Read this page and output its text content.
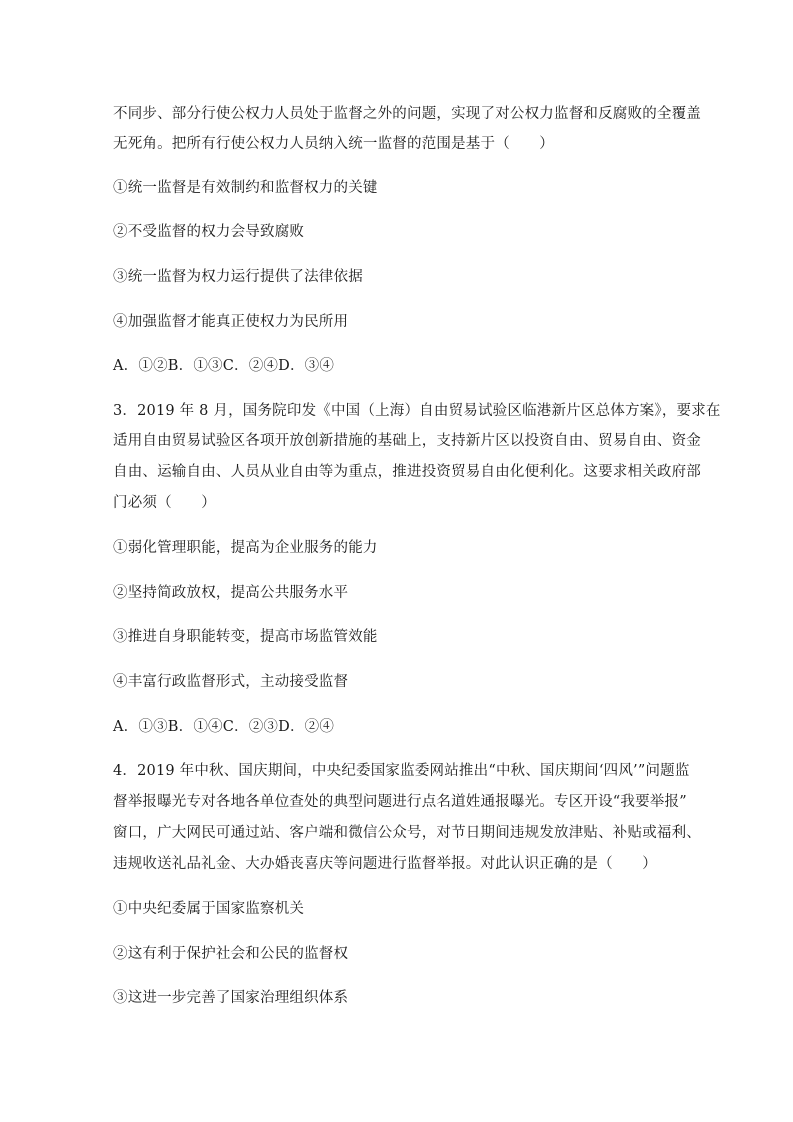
不同步、部分行使公权力人员处于监督之外的问题，实现了对公权力监督和反腐败的全覆盖
无死角。把所有行使公权力人员纳入统一监督的范围是基于（　　）
①统一监督是有效制约和监督权力的关键
②不受监督的权力会导致腐败
③统一监督为权力运行提供了法律依据
④加强监督才能真正使权力为民所用
A．①②B．①③C．②④D．③④
3．2019 年 8 月，国务院印发《中国（上海）自由贸易试验区临港新片区总体方案》，要求在
适用自由贸易试验区各项开放创新措施的基础上，支持新片区以投资自由、贸易自由、资金
自由、运输自由、人员从业自由等为重点，推进投资贸易自由化便利化。这要求相关政府部
门必须（　　）
①弱化管理职能，提高为企业服务的能力
②坚持简政放权，提高公共服务水平
③推进自身职能转变，提高市场监管效能
④丰富行政监督形式，主动接受监督
A．①③B．①④C．②③D．②④
4．2019 年中秋、国庆期间，中央纪委国家监委网站推出“中秋、国庆期间‘四风’”问题监
督举报曝光专对各地各单位查处的典型问题进行点名道姓通报曝光。专区开设“我要举报”
窗口，广大网民可通过站、客户端和微信公众号，对节日期间违规发放津贴、补贴或福利、
违规收送礼品礼金、大办婚丧喜庆等问题进行监督举报。对此认识正确的是（　　）
①中央纪委属于国家监察机关
②这有利于保护社会和公民的监督权
③这进一步完善了国家治理组织体系
